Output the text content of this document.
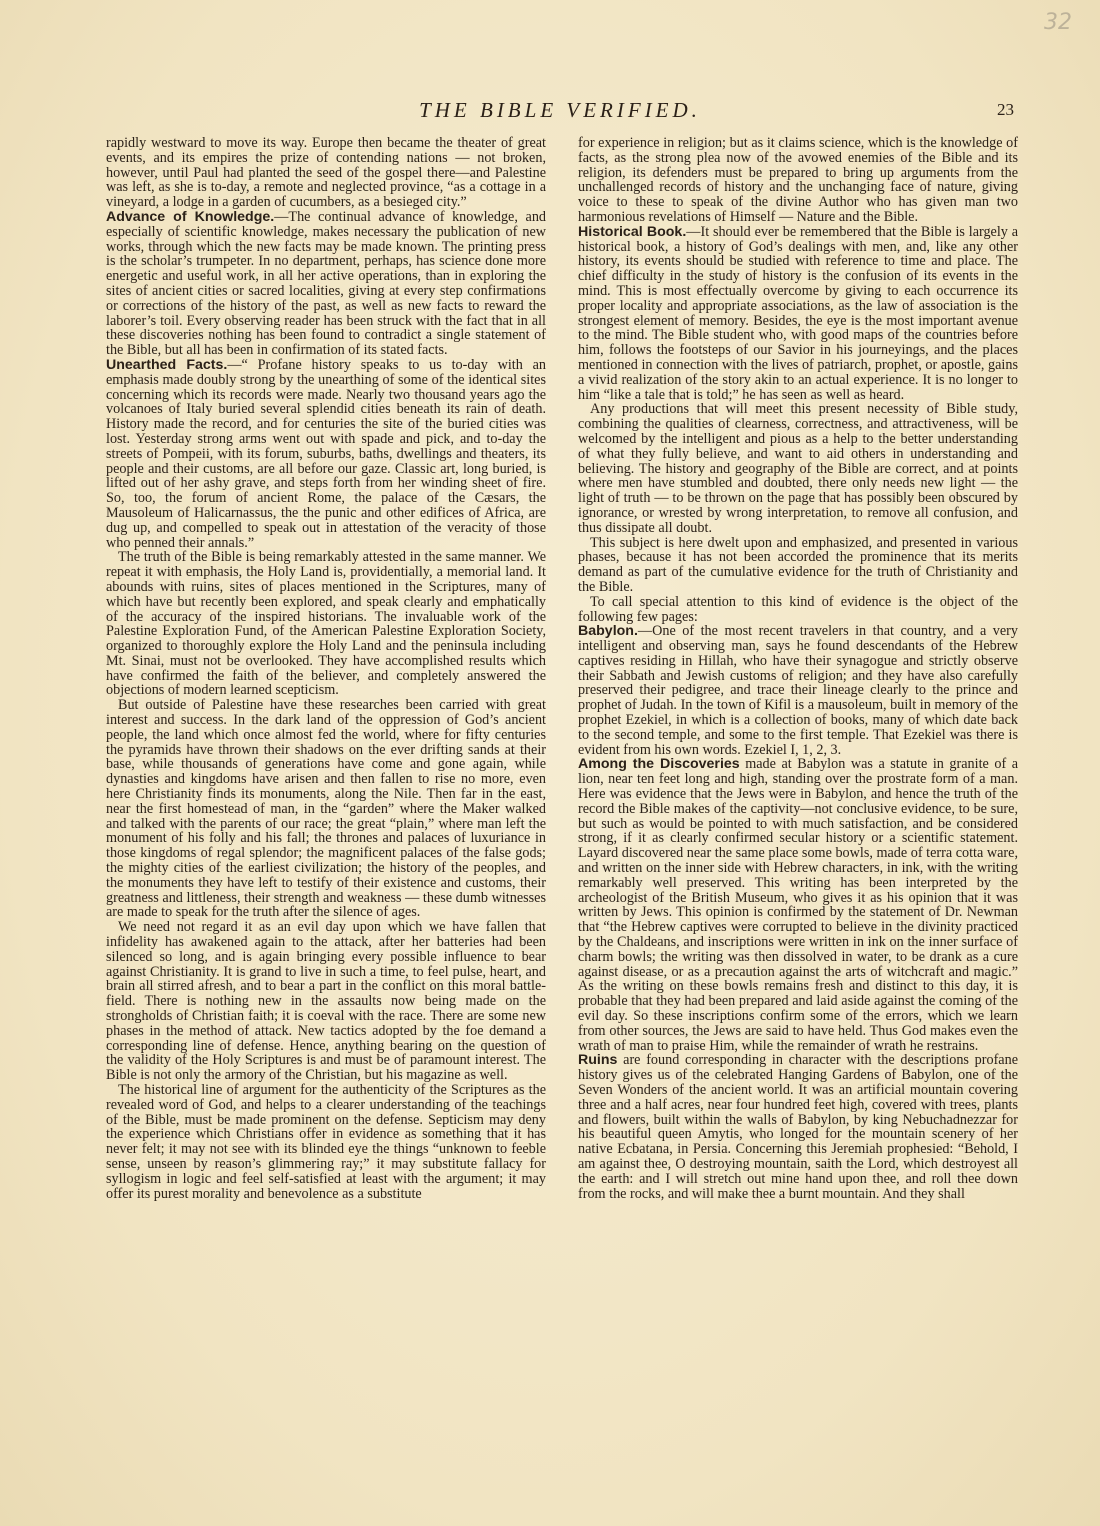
32
THE BIBLE VERIFIED.	23

rapidly westward to move its way. Europe then became the theater of great events, and its empires the prize of contending nations — not broken, however, until Paul had planted the seed of the gospel there—and Palestine was left, as she is to-day, a remote and neglected province, “as a cottage in a vineyard, a lodge in a garden of cucumbers, as a besieged city.”

Advance of Knowledge.—The continual advance of knowledge, and especially of scientific knowledge, makes necessary the publication of new works, through which the new facts may be made known. The printing press is the scholar’s trumpeter. In no department, perhaps, has science done more energetic and useful work, in all her active operations, than in exploring the sites of ancient cities or sacred localities, giving at every step confirmations or corrections of the history of the past, as well as new facts to reward the laborer’s toil. Every observing reader has been struck with the fact that in all these discoveries nothing has been found to contradict a single statement of the Bible, but all has been in confirmation of its stated facts.

Unearthed Facts.—“ Profane history speaks to us to-day with an emphasis made doubly strong by the unearthing of some of the identical sites concerning which its records were made. Nearly two thousand years ago the volcanoes of Italy buried several splendid cities beneath its rain of death. History made the record, and for centuries the site of the buried cities was lost. Yesterday strong arms went out with spade and pick, and to-day the streets of Pompeii, with its forum, suburbs, baths, dwellings and theaters, its people and their customs, are all before our gaze. Classic art, long buried, is lifted out of her ashy grave, and steps forth from her winding sheet of fire. So, too, the forum of ancient Rome, the palace of the Cæsars, the Mausoleum of Halicarnassus, the the punic and other edifices of Africa, are dug up, and compelled to speak out in attestation of the veracity of those who penned their annals.”

The truth of the Bible is being remarkably attested in the same manner. We repeat it with emphasis, the Holy Land is, providentially, a memorial land. It abounds with ruins, sites of places mentioned in the Scriptures, many of which have but recently been explored, and speak clearly and emphatically of the accuracy of the inspired historians. The invaluable work of the Palestine Exploration Fund, of the American Palestine Exploration Society, organized to thoroughly explore the Holy Land and the peninsula including Mt. Sinai, must not be overlooked. They have accomplished results which have confirmed the faith of the believer, and completely answered the objections of modern learned scepticism.

But outside of Palestine have these researches been carried with great interest and success. In the dark land of the oppression of God’s ancient people, the land which once almost fed the world, where for fifty centuries the pyramids have thrown their shadows on the ever drifting sands at their base, while thousands of generations have come and gone again, while dynasties and kingdoms have arisen and then fallen to rise no more, even here Christianity finds its monuments, along the Nile. Then far in the east, near the first homestead of man, in the “garden” where the Maker walked and talked with the parents of our race; the great “plain,” where man left the monument of his folly and his fall; the thrones and palaces of luxuriance in those kingdoms of regal splendor; the magnificent palaces of the false gods; the mighty cities of the earliest civilization; the history of the peoples, and the monuments they have left to testify of their existence and customs, their greatness and littleness, their strength and weakness — these dumb witnesses are made to speak for the truth after the silence of ages.

We need not regard it as an evil day upon which we have fallen that infidelity has awakened again to the attack, after her batteries had been silenced so long, and is again bringing every possible influence to bear against Christianity. It is grand to live in such a time, to feel pulse, heart, and brain all stirred afresh, and to bear a part in the conflict on this moral battle-field. There is nothing new in the assaults now being made on the strongholds of Christian faith; it is coeval with the race. There are some new phases in the method of attack. New tactics adopted by the foe demand a corresponding line of defense. Hence, anything bearing on the question of the validity of the Holy Scriptures is and must be of paramount interest. The Bible is not only the armory of the Christian, but his magazine as well.

The historical line of argument for the authenticity of the Scriptures as the revealed word of God, and helps to a clearer understanding of the teachings of the Bible, must be made prominent on the defense. Septicism may deny the experience which Christians offer in evidence as something that it has never felt; it may not see with its blinded eye the things “unknown to feeble sense, unseen by reason’s glimmering ray;” it may substitute fallacy for syllogism in logic and feel self-satisfied at least with the argument; it may offer its purest morality and benevolence as a substitute

for experience in religion; but as it claims science, which is the knowledge of facts, as the strong plea now of the avowed enemies of the Bible and its religion, its defenders must be prepared to bring up arguments from the unchallenged records of history and the unchanging face of nature, giving voice to these to speak of the divine Author who has given man two harmonious revelations of Himself — Nature and the Bible.

Historical Book.—It should ever be remembered that the Bible is largely a historical book, a history of God’s dealings with men, and, like any other history, its events should be studied with reference to time and place. The chief difficulty in the study of history is the confusion of its events in the mind. This is most effectually overcome by giving to each occurrence its proper locality and appropriate associations, as the law of association is the strongest element of memory. Besides, the eye is the most important avenue to the mind. The Bible student who, with good maps of the countries before him, follows the footsteps of our Savior in his journeyings, and the places mentioned in connection with the lives of patriarch, prophet, or apostle, gains a vivid realization of the story akin to an actual experience. It is no longer to him “like a tale that is told;” he has seen as well as heard.

Any productions that will meet this present necessity of Bible study, combining the qualities of clearness, correctness, and attractiveness, will be welcomed by the intelligent and pious as a help to the better understanding of what they fully believe, and want to aid others in understanding and believing. The history and geography of the Bible are correct, and at points where men have stumbled and doubted, there only needs new light — the light of truth — to be thrown on the page that has possibly been obscured by ignorance, or wrested by wrong interpretation, to remove all confusion, and thus dissipate all doubt.

This subject is here dwelt upon and emphasized, and presented in various phases, because it has not been accorded the prominence that its merits demand as part of the cumulative evidence for the truth of Christianity and the Bible.

To call special attention to this kind of evidence is the object of the following few pages:

Babylon.—One of the most recent travelers in that country, and a very intelligent and observing man, says he found descendants of the Hebrew captives residing in Hillah, who have their synagogue and strictly observe their Sabbath and Jewish customs of religion; and they have also carefully preserved their pedigree, and trace their lineage clearly to the prince and prophet of Judah. In the town of Kifil is a mausoleum, built in memory of the prophet Ezekiel, in which is a collection of books, many of which date back to the second temple, and some to the first temple. That Ezekiel was there is evident from his own words. Ezekiel I, 1, 2, 3.

Among the Discoveries made at Babylon was a statute in granite of a lion, near ten feet long and high, standing over the prostrate form of a man. Here was evidence that the Jews were in Babylon, and hence the truth of the record the Bible makes of the captivity—not conclusive evidence, to be sure, but such as would be pointed to with much satisfaction, and be considered strong, if it as clearly confirmed secular history or a scientific statement. Layard discovered near the same place some bowls, made of terra cotta ware, and written on the inner side with Hebrew characters, in ink, with the writing remarkably well preserved. This writing has been interpreted by the archeologist of the British Museum, who gives it as his opinion that it was written by Jews. This opinion is confirmed by the statement of Dr. Newman that “the Hebrew captives were corrupted to believe in the divinity practiced by the Chaldeans, and inscriptions were written in ink on the inner surface of charm bowls; the writing was then dissolved in water, to be drank as a cure against disease, or as a precaution against the arts of witchcraft and magic.” As the writing on these bowls remains fresh and distinct to this day, it is probable that they had been prepared and laid aside against the coming of the evil day. So these inscriptions confirm some of the errors, which we learn from other sources, the Jews are said to have held. Thus God makes even the wrath of man to praise Him, while the remainder of wrath he restrains.

Ruins are found corresponding in character with the descriptions profane history gives us of the celebrated Hanging Gardens of Babylon, one of the Seven Wonders of the ancient world. It was an artificial mountain covering three and a half acres, near four hundred feet high, covered with trees, plants and flowers, built within the walls of Babylon, by king Nebuchadnezzar for his beautiful queen Amytis, who longed for the mountain scenery of her native Ecbatana, in Persia. Concerning this Jeremiah prophesied: “Behold, I am against thee, O destroying mountain, saith the Lord, which destroyest all the earth: and I will stretch out mine hand upon thee, and roll thee down from the rocks, and will make thee a burnt mountain. And they shall
